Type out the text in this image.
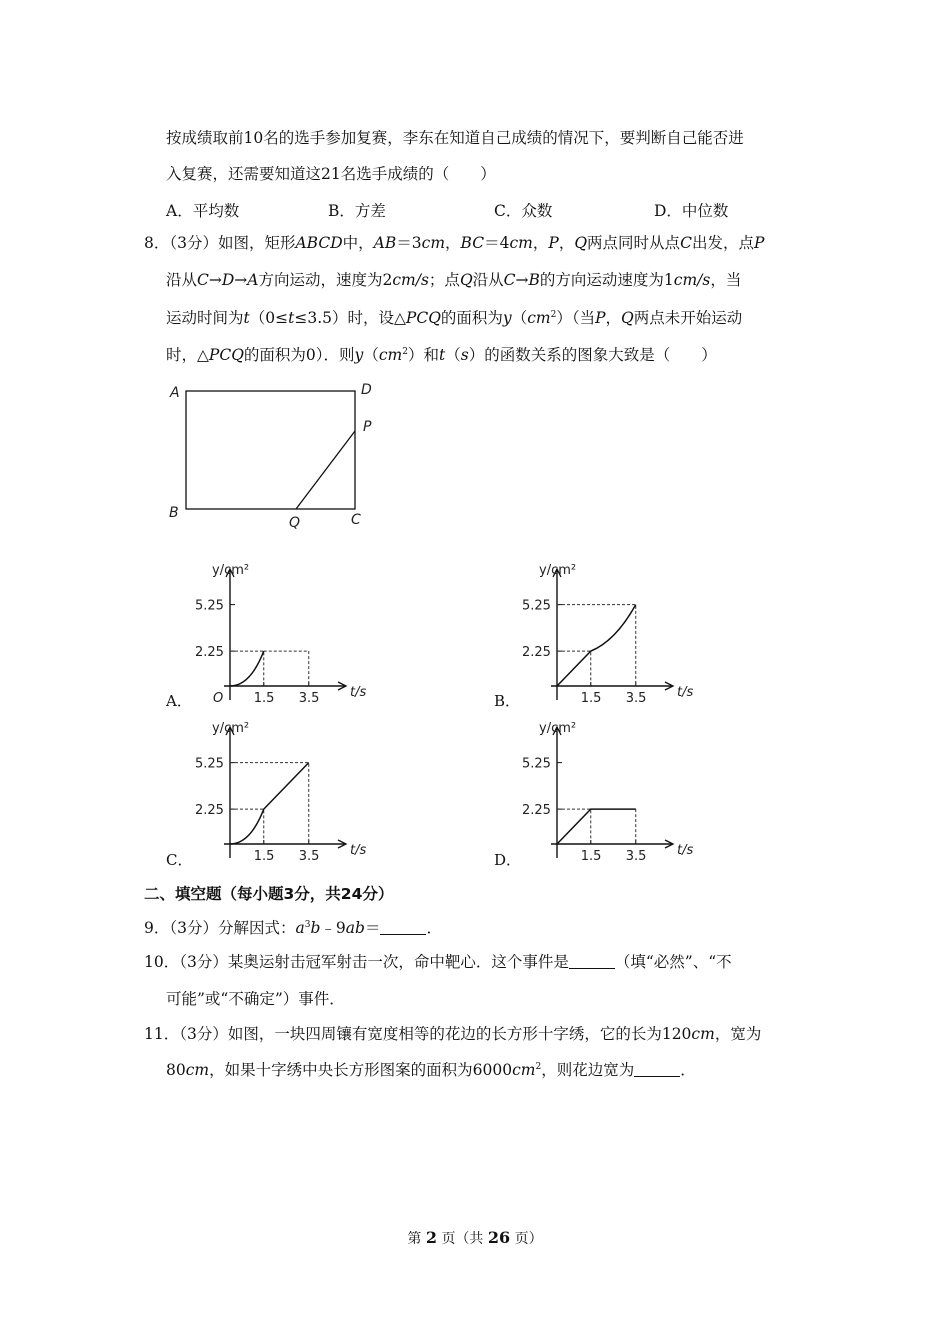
按成绩取前10名的选手参加复赛，李东在知道自己成绩的情况下，要判断自己能否进
入复赛，还需要知道这21名选手成绩的（　　）
A．平均数	B．方差	C．众数	D．中位数
8．（3分）如图，矩形ABCD中，AB＝3cm，BC＝4cm，P，Q两点同时从点C出发，点P
沿从C→D→A方向运动，速度为2cm/s；点Q沿从C→B的方向运动速度为1cm/s，当
运动时间为t（0≤t≤3.5）时，设△PCQ的面积为$y(cm^2)$（当P，Q两点未开始运动
时，△PCQ的面积为0）．则$y(cm^2)$和t（s）的函数关系的图象大致是（　　）
A	D
P
B
Q	C
2.25
5.25
1.5 3.5
y/cm²
t/s
O
2.25
5.25
1.5 3.5
y/cm²
t/s
2.25
5.25
1.5 3.5
y/cm²
t/s
2.25
5.25
1.5 3.5
y/cm²
t/s
A．	B．
C．	D．
二、填空题（每小题3分，共24分）
9．（3分）分解因式：$a^3b﹣9ab=$	．
10．（3分）某奥运射击冠军射击一次，命中靶心．这个事件是	（填“必然”、“不
可能”或“不确定”）事件．
11．（3分）如图，一块四周镶有宽度相等的花边的长方形十字绣，它的长为120cm，宽为
80cm，如果十字绣中央长方形图案的面积为$6000cm^2$，则花边宽为	．
第 2 页（共 26 页）
